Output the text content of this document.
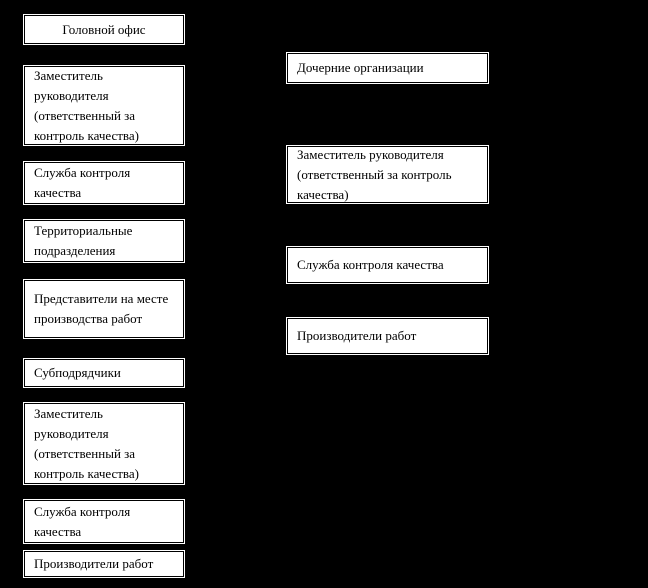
Головной офис
Заместитель руководителя (ответственный за контроль качества)
Служба контроля качества
Территориальные подразделения
Представители на месте производства работ
Субподрядчики
Заместитель руководителя (ответственный за контроль качества)
Служба контроля качества
Производители работ
Дочерние организации
Заместитель руководителя (ответственный за контроль качества)
Служба контроля качества
Производители работ
